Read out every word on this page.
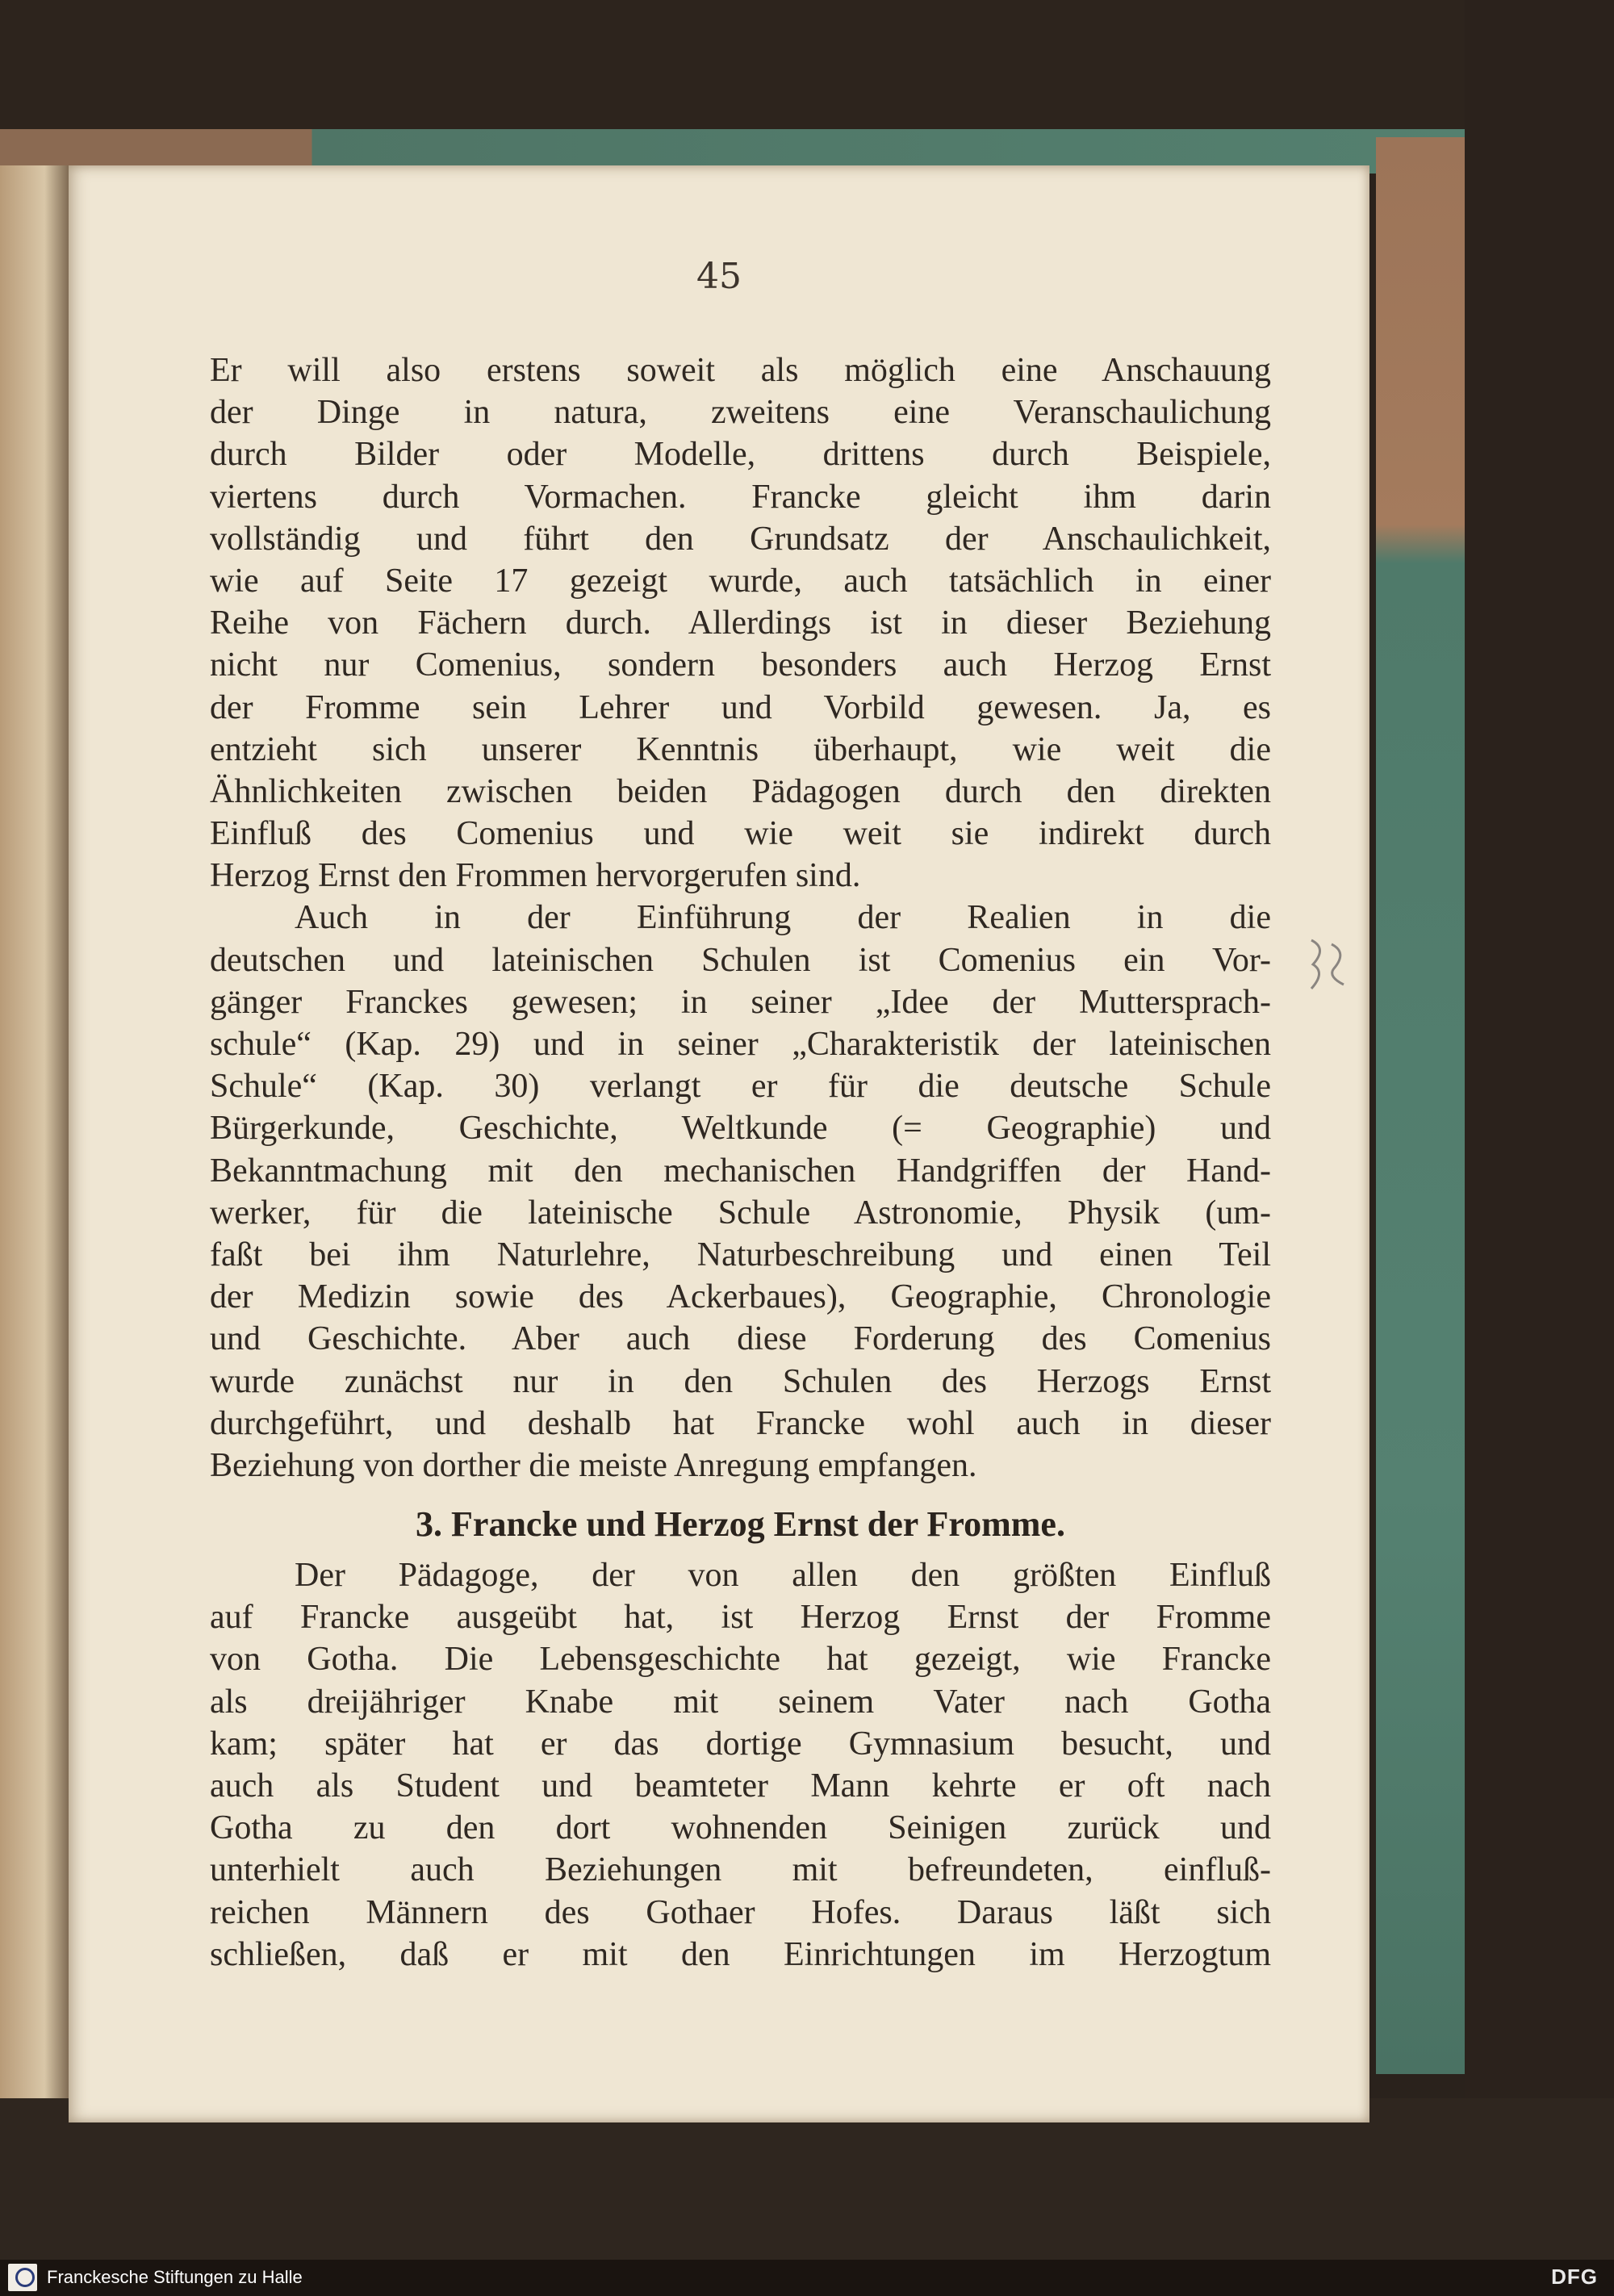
45
Er will also erstens soweit als möglich eine Anschauung
der Dinge in natura, zweitens eine Veranschaulichung
durch Bilder oder Modelle, drittens durch Beispiele,
viertens durch Vormachen. Francke gleicht ihm darin
vollständig und führt den Grundsatz der Anschaulichkeit,
wie auf Seite 17 gezeigt wurde, auch tatsächlich in einer
Reihe von Fächern durch. Allerdings ist in dieser Beziehung
nicht nur Comenius, sondern besonders auch Herzog Ernst
der Fromme sein Lehrer und Vorbild gewesen. Ja, es
entzieht sich unserer Kenntnis überhaupt, wie weit die
Ähnlichkeiten zwischen beiden Pädagogen durch den direkten
Einfluß des Comenius und wie weit sie indirekt durch
Herzog Ernst den Frommen hervorgerufen sind.
Auch in der Einführung der Realien in die
deutschen und lateinischen Schulen ist Comenius ein Vor-
gänger Franckes gewesen; in seiner „Idee der Muttersprach-
schule“ (Kap. 29) und in seiner „Charakteristik der lateinischen
Schule“ (Kap. 30) verlangt er für die deutsche Schule
Bürgerkunde, Geschichte, Weltkunde (= Geographie) und
Bekanntmachung mit den mechanischen Handgriffen der Hand-
werker, für die lateinische Schule Astronomie, Physik (um-
faßt bei ihm Naturlehre, Naturbeschreibung und einen Teil
der Medizin sowie des Ackerbaues), Geographie, Chronologie
und Geschichte. Aber auch diese Forderung des Comenius
wurde zunächst nur in den Schulen des Herzogs Ernst
durchgeführt, und deshalb hat Francke wohl auch in dieser
Beziehung von dorther die meiste Anregung empfangen.
3. Francke und Herzog Ernst der Fromme.
Der Pädagoge, der von allen den größten Einfluß
auf Francke ausgeübt hat, ist Herzog Ernst der Fromme
von Gotha. Die Lebensgeschichte hat gezeigt, wie Francke
als dreijähriger Knabe mit seinem Vater nach Gotha
kam; später hat er das dortige Gymnasium besucht, und
auch als Student und beamteter Mann kehrte er oft nach
Gotha zu den dort wohnenden Seinigen zurück und
unterhielt auch Beziehungen mit befreundeten, einfluß-
reichen Männern des Gothaer Hofes. Daraus läßt sich
schließen, daß er mit den Einrichtungen im Herzogtum
Franckesche Stiftungen zu Halle	DFG
